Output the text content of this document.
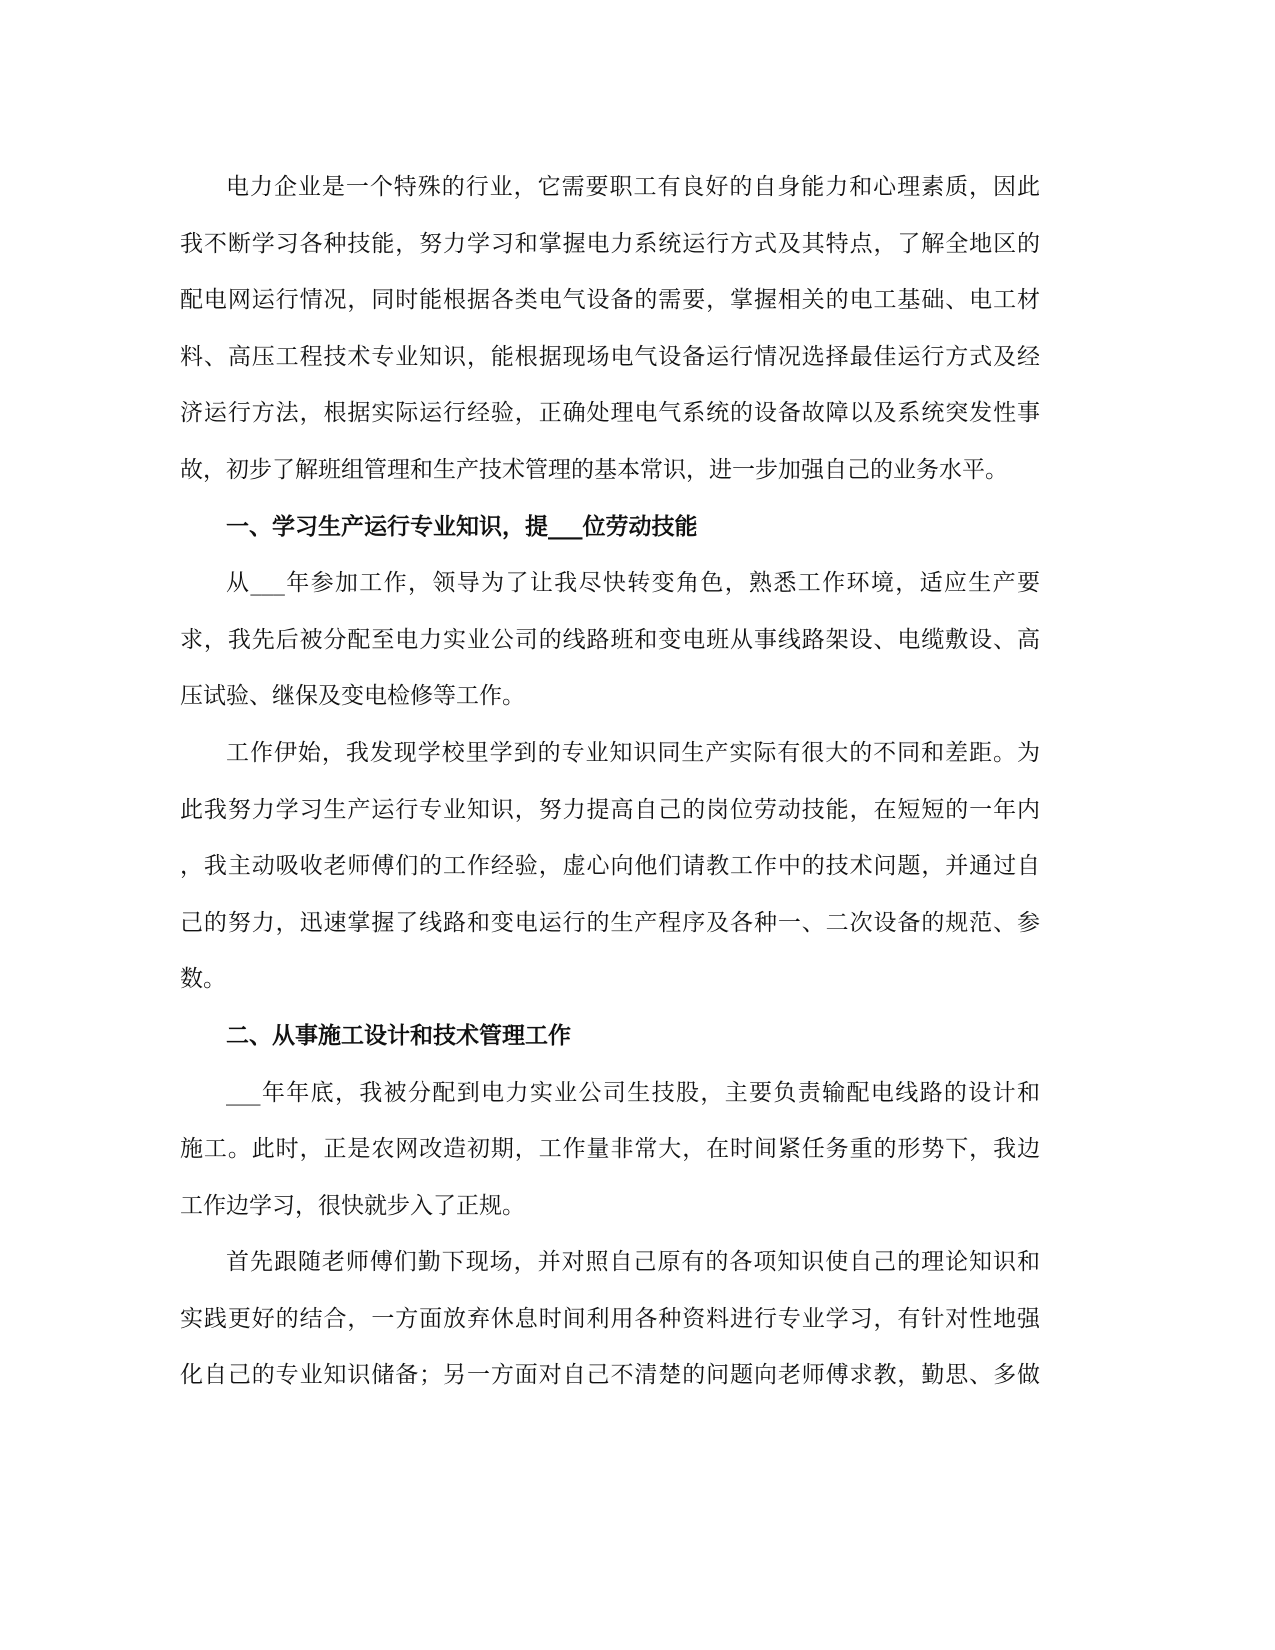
电力企业是一个特殊的行业，它需要职工有良好的自身能力和心理素质，因此
我不断学习各种技能，努力学习和掌握电力系统运行方式及其特点，了解全地区的
配电网运行情况，同时能根据各类电气设备的需要，掌握相关的电工基础、电工材
料、高压工程技术专业知识，能根据现场电气设备运行情况选择最佳运行方式及经
济运行方法，根据实际运行经验，正确处理电气系统的设备故障以及系统突发性事
故，初步了解班组管理和生产技术管理的基本常识，进一步加强自己的业务水平。
一、学习生产运行专业知识，提___位劳动技能
从___年参加工作，领导为了让我尽快转变角色，熟悉工作环境，适应生产要
求，我先后被分配至电力实业公司的线路班和变电班从事线路架设、电缆敷设、高
压试验、继保及变电检修等工作。
工作伊始，我发现学校里学到的专业知识同生产实际有很大的不同和差距。为
此我努力学习生产运行专业知识，努力提高自己的岗位劳动技能，在短短的一年内
，我主动吸收老师傅们的工作经验，虚心向他们请教工作中的技术问题，并通过自
己的努力，迅速掌握了线路和变电运行的生产程序及各种一、二次设备的规范、参
数。
二、从事施工设计和技术管理工作
___年年底，我被分配到电力实业公司生技股，主要负责输配电线路的设计和
施工。此时，正是农网改造初期，工作量非常大，在时间紧任务重的形势下，我边
工作边学习，很快就步入了正规。
首先跟随老师傅们勤下现场，并对照自己原有的各项知识使自己的理论知识和
实践更好的结合，一方面放弃休息时间利用各种资料进行专业学习，有针对性地强
化自己的专业知识储备；另一方面对自己不清楚的问题向老师傅求教，勤思、多做
